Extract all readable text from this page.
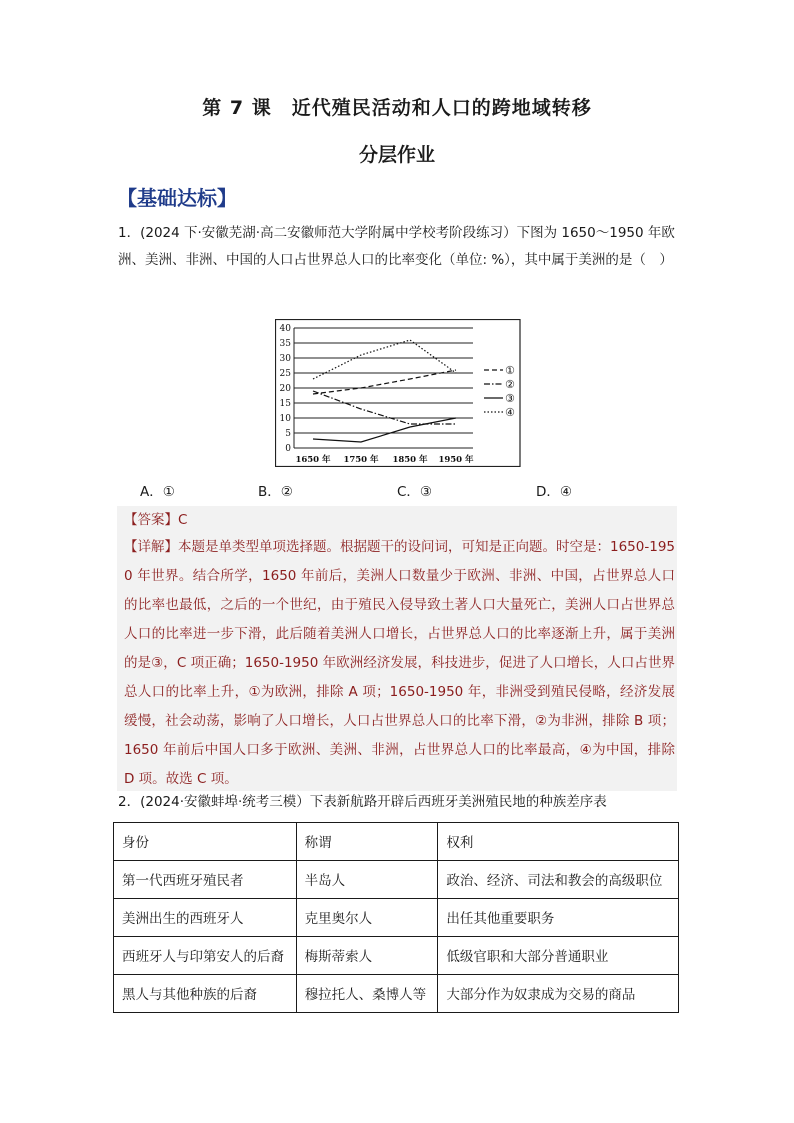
第 7 课 近代殖民活动和人口的跨地域转移
分层作业
【基础达标】
1．(2024 下·安徽芜湖·高二安徽师范大学附属中学校考阶段练习）下图为 1650～1950 年欧洲、美洲、非洲、中国的人口占世界总人口的比率变化（单位: %），其中属于美洲的是（　）
0
5
10
15
20
25
30
35
40
1650 年 1750 年 1850 年 1950 年
①
②
③
④
A．①	B．②	C．③	D．④
【答案】C
【详解】本题是单类型单项选择题。根据题干的设问词，可知是正向题。时空是：1650-1950 年世界。结合所学，1650 年前后，美洲人口数量少于欧洲、非洲、中国，占世界总人口的比率也最低，之后的一个世纪，由于殖民入侵导致土著人口大量死亡，美洲人口占世界总人口的比率进一步下滑，此后随着美洲人口增长，占世界总人口的比率逐渐上升，属于美洲的是③，C 项正确；1650-1950 年欧洲经济发展，科技进步，促进了人口增长，人口占世界总人口的比率上升，①为欧洲，排除 A 项；1650-1950 年，非洲受到殖民侵略，经济发展缓慢，社会动荡，影响了人口增长，人口占世界总人口的比率下滑，②为非洲，排除 B 项；1650 年前后中国人口多于欧洲、美洲、非洲，占世界总人口的比率最高，④为中国，排除 D 项。故选 C 项。
2．(2024·安徽蚌埠·统考三模）下表新航路开辟后西班牙美洲殖民地的种族差序表
身份	称谓	权利
第一代西班牙殖民者	半岛人	政治、经济、司法和教会的高级职位
美洲出生的西班牙人	克里奥尔人	出任其他重要职务
西班牙人与印第安人的后裔	梅斯蒂索人	低级官职和大部分普通职业
黑人与其他种族的后裔	穆拉托人、桑博人等	大部分作为奴隶成为交易的商品
